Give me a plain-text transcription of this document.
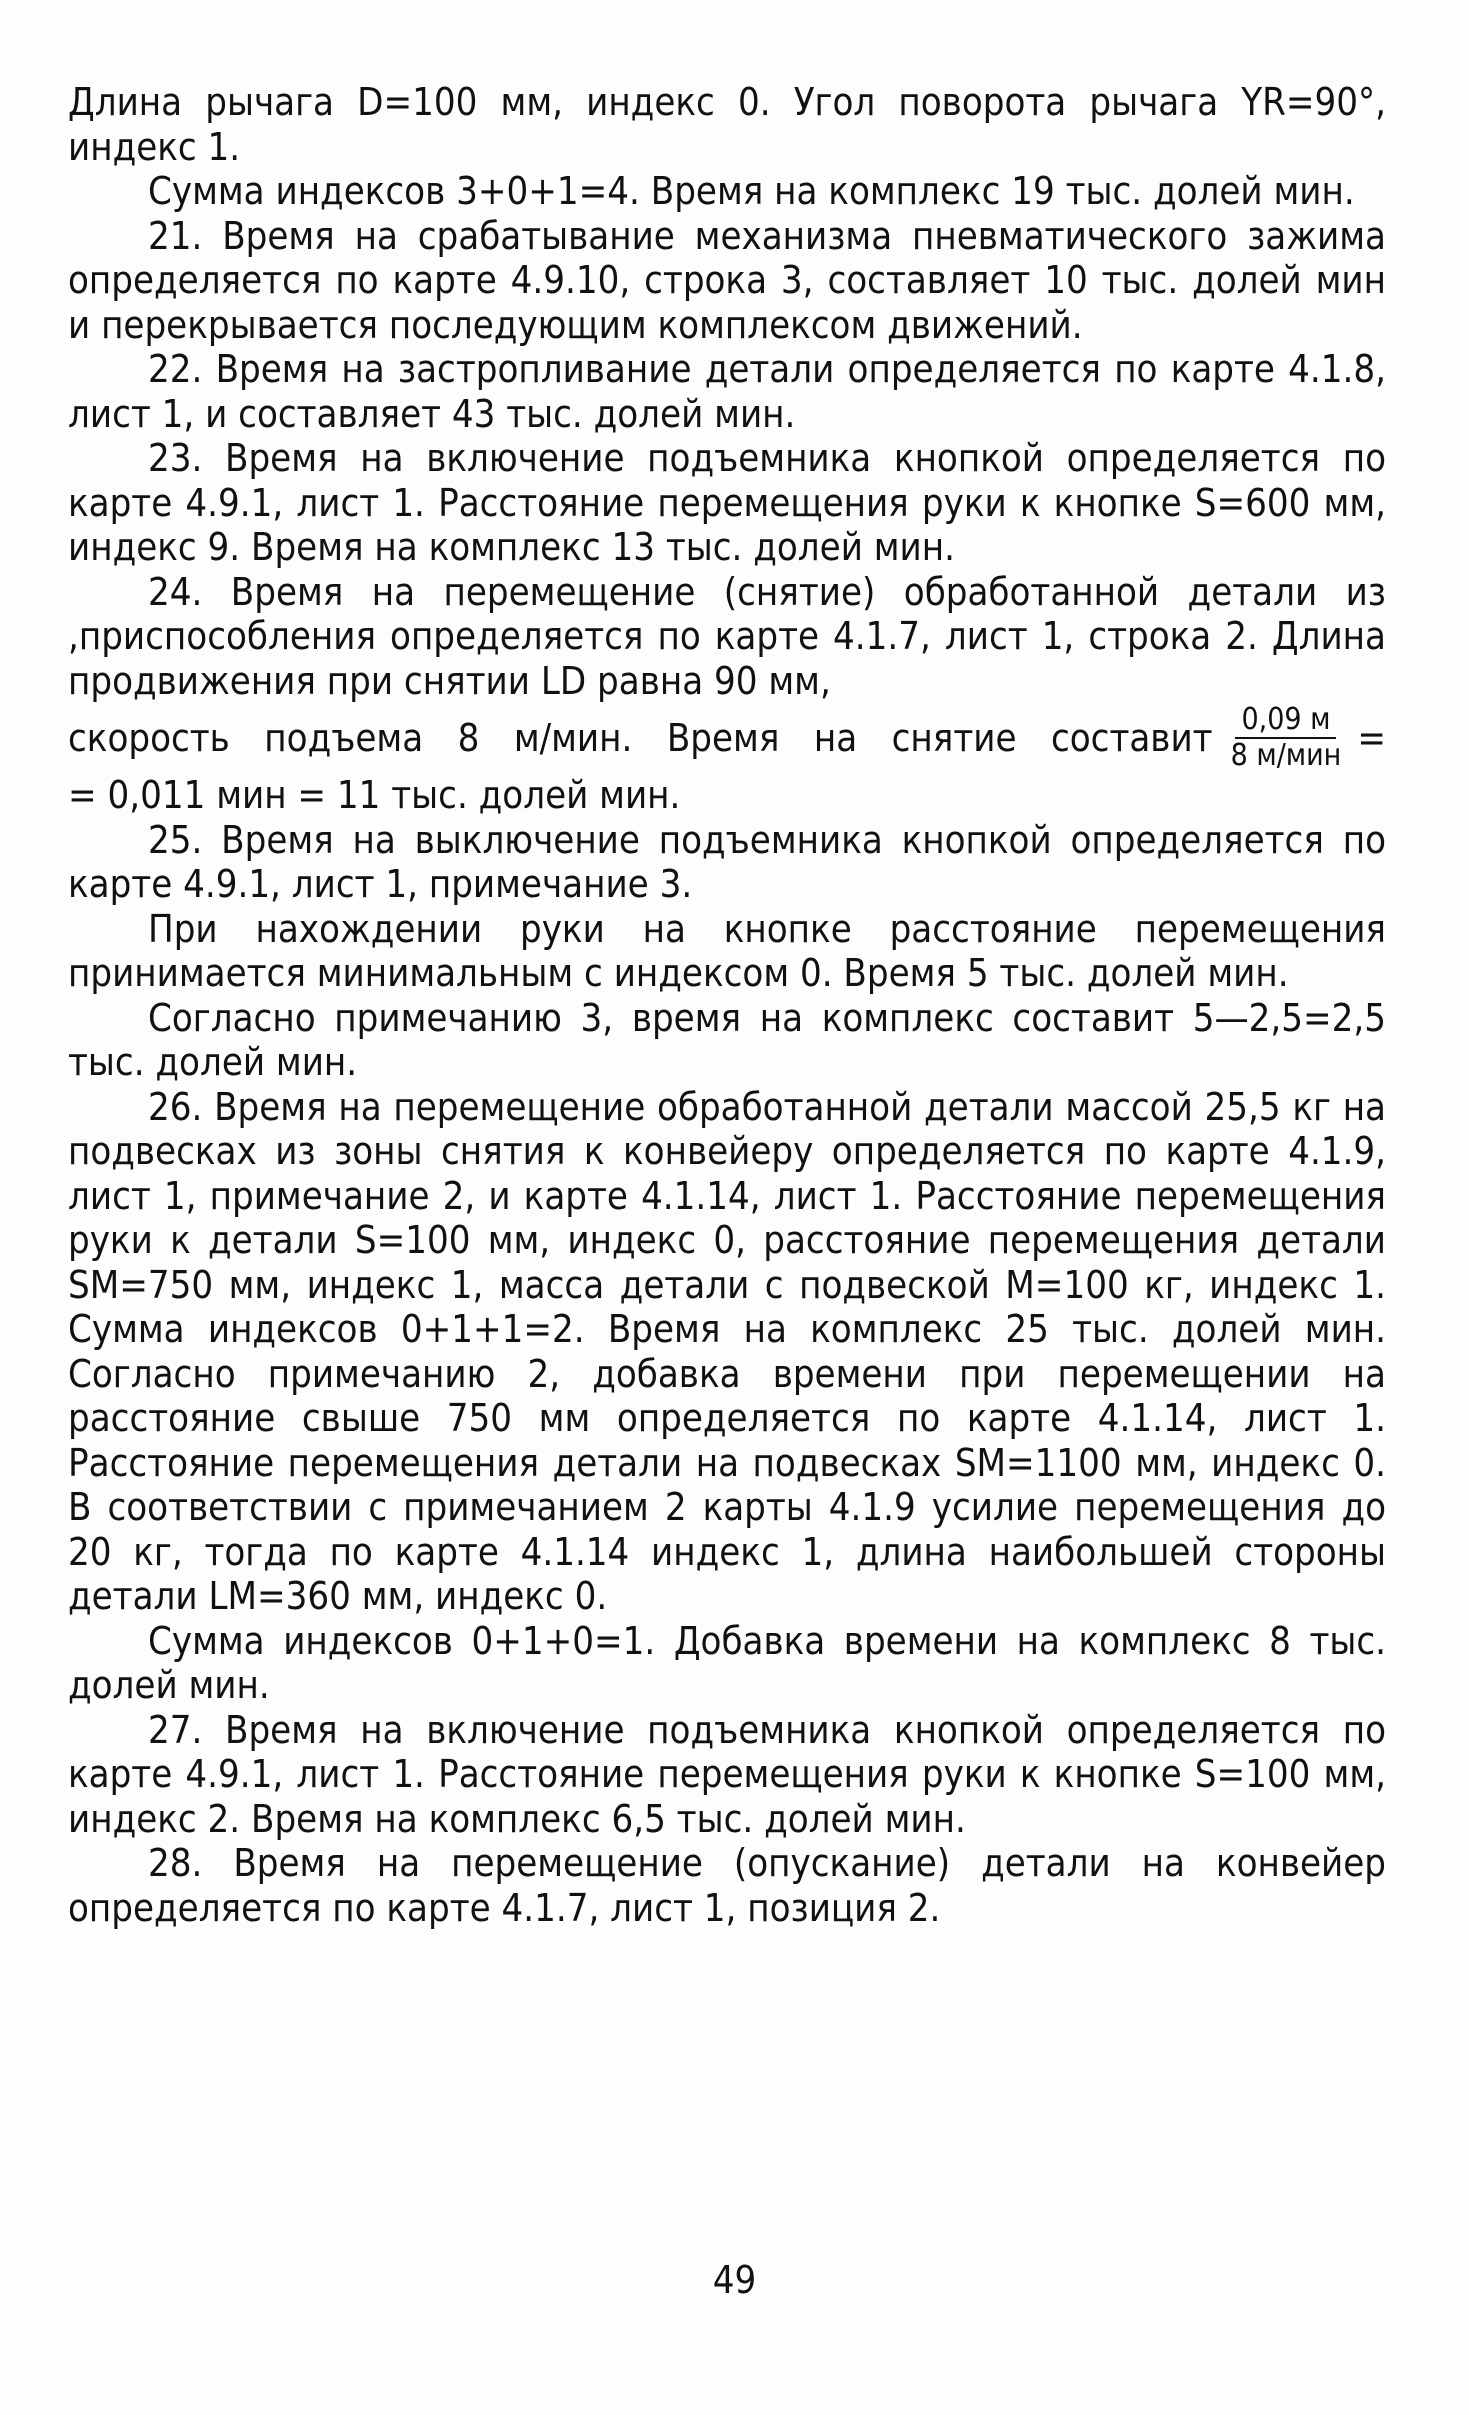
Длина рычага D=100 мм, индекс 0. Угол поворота рычага YR=90°, индекс 1.

Сумма индексов 3+0+1=4. Время на комплекс 19 тыс. долей мин.

21. Время на срабатывание механизма пневматического зажима определяется по карте 4.9.10, строка 3, составляет 10 тыс. долей мин и перекрывается последующим комплексом движений.

22. Время на застропливание детали определяется по карте 4.1.8, лист 1, и составляет 43 тыс. долей мин.

23. Время на включение подъемника кнопкой определяется по карте 4.9.1, лист 1. Расстояние перемещения руки к кнопке S=600 мм, индекс 9. Время на комплекс 13 тыс. долей мин.

24. Время на перемещение (снятие) обработанной детали из ,приспособления определяется по карте 4.1.7, лист 1, строка 2. Длина продвижения при снятии LD равна 90 мм,

скорость подъема 8 м/мин. Время на снятие составит $\frac{0,09 м}{\text{8 м/мин}}$ =

= 0,011 мин = 11 тыс. долей мин.

25. Время на выключение подъемника кнопкой определяется по карте 4.9.1, лист 1, примечание 3.

При нахождении руки на кнопке расстояние перемещения принимается минимальным с индексом 0. Время 5 тыс. долей мин.

Согласно примечанию 3, время на комплекс составит 5—2,5=2,5 тыс. долей мин.

26. Время на перемещение обработанной детали массой 25,5 кг на подвесках из зоны снятия к конвейеру определяется по карте 4.1.9, лист 1, примечание 2, и карте 4.1.14, лист 1. Расстояние перемещения руки к детали S=100 мм, индекс 0, расстояние перемещения детали SM=750 мм, индекс 1, масса детали с подвеской M=100 кг, индекс 1. Сумма индексов 0+1+1=2. Время на комплекс 25 тыс. долей мин. Согласно примечанию 2, добавка времени при перемещении на расстояние свыше 750 мм определяется по карте 4.1.14, лист 1. Расстояние перемещения детали на подвесках SM=1100 мм, индекс 0. В соответствии с примечанием 2 карты 4.1.9 усилие перемещения до 20 кг, тогда по карте 4.1.14 индекс 1, длина наибольшей стороны детали LM=360 мм, индекс 0.

Сумма индексов 0+1+0=1. Добавка времени на комплекс 8 тыс. долей мин.

27. Время на включение подъемника кнопкой определяется по карте 4.9.1, лист 1. Расстояние перемещения руки к кнопке S=100 мм, индекс 2. Время на комплекс 6,5 тыс. долей мин.

28. Время на перемещение (опускание) детали на конвейер определяется по карте 4.1.7, лист 1, позиция 2.

49
